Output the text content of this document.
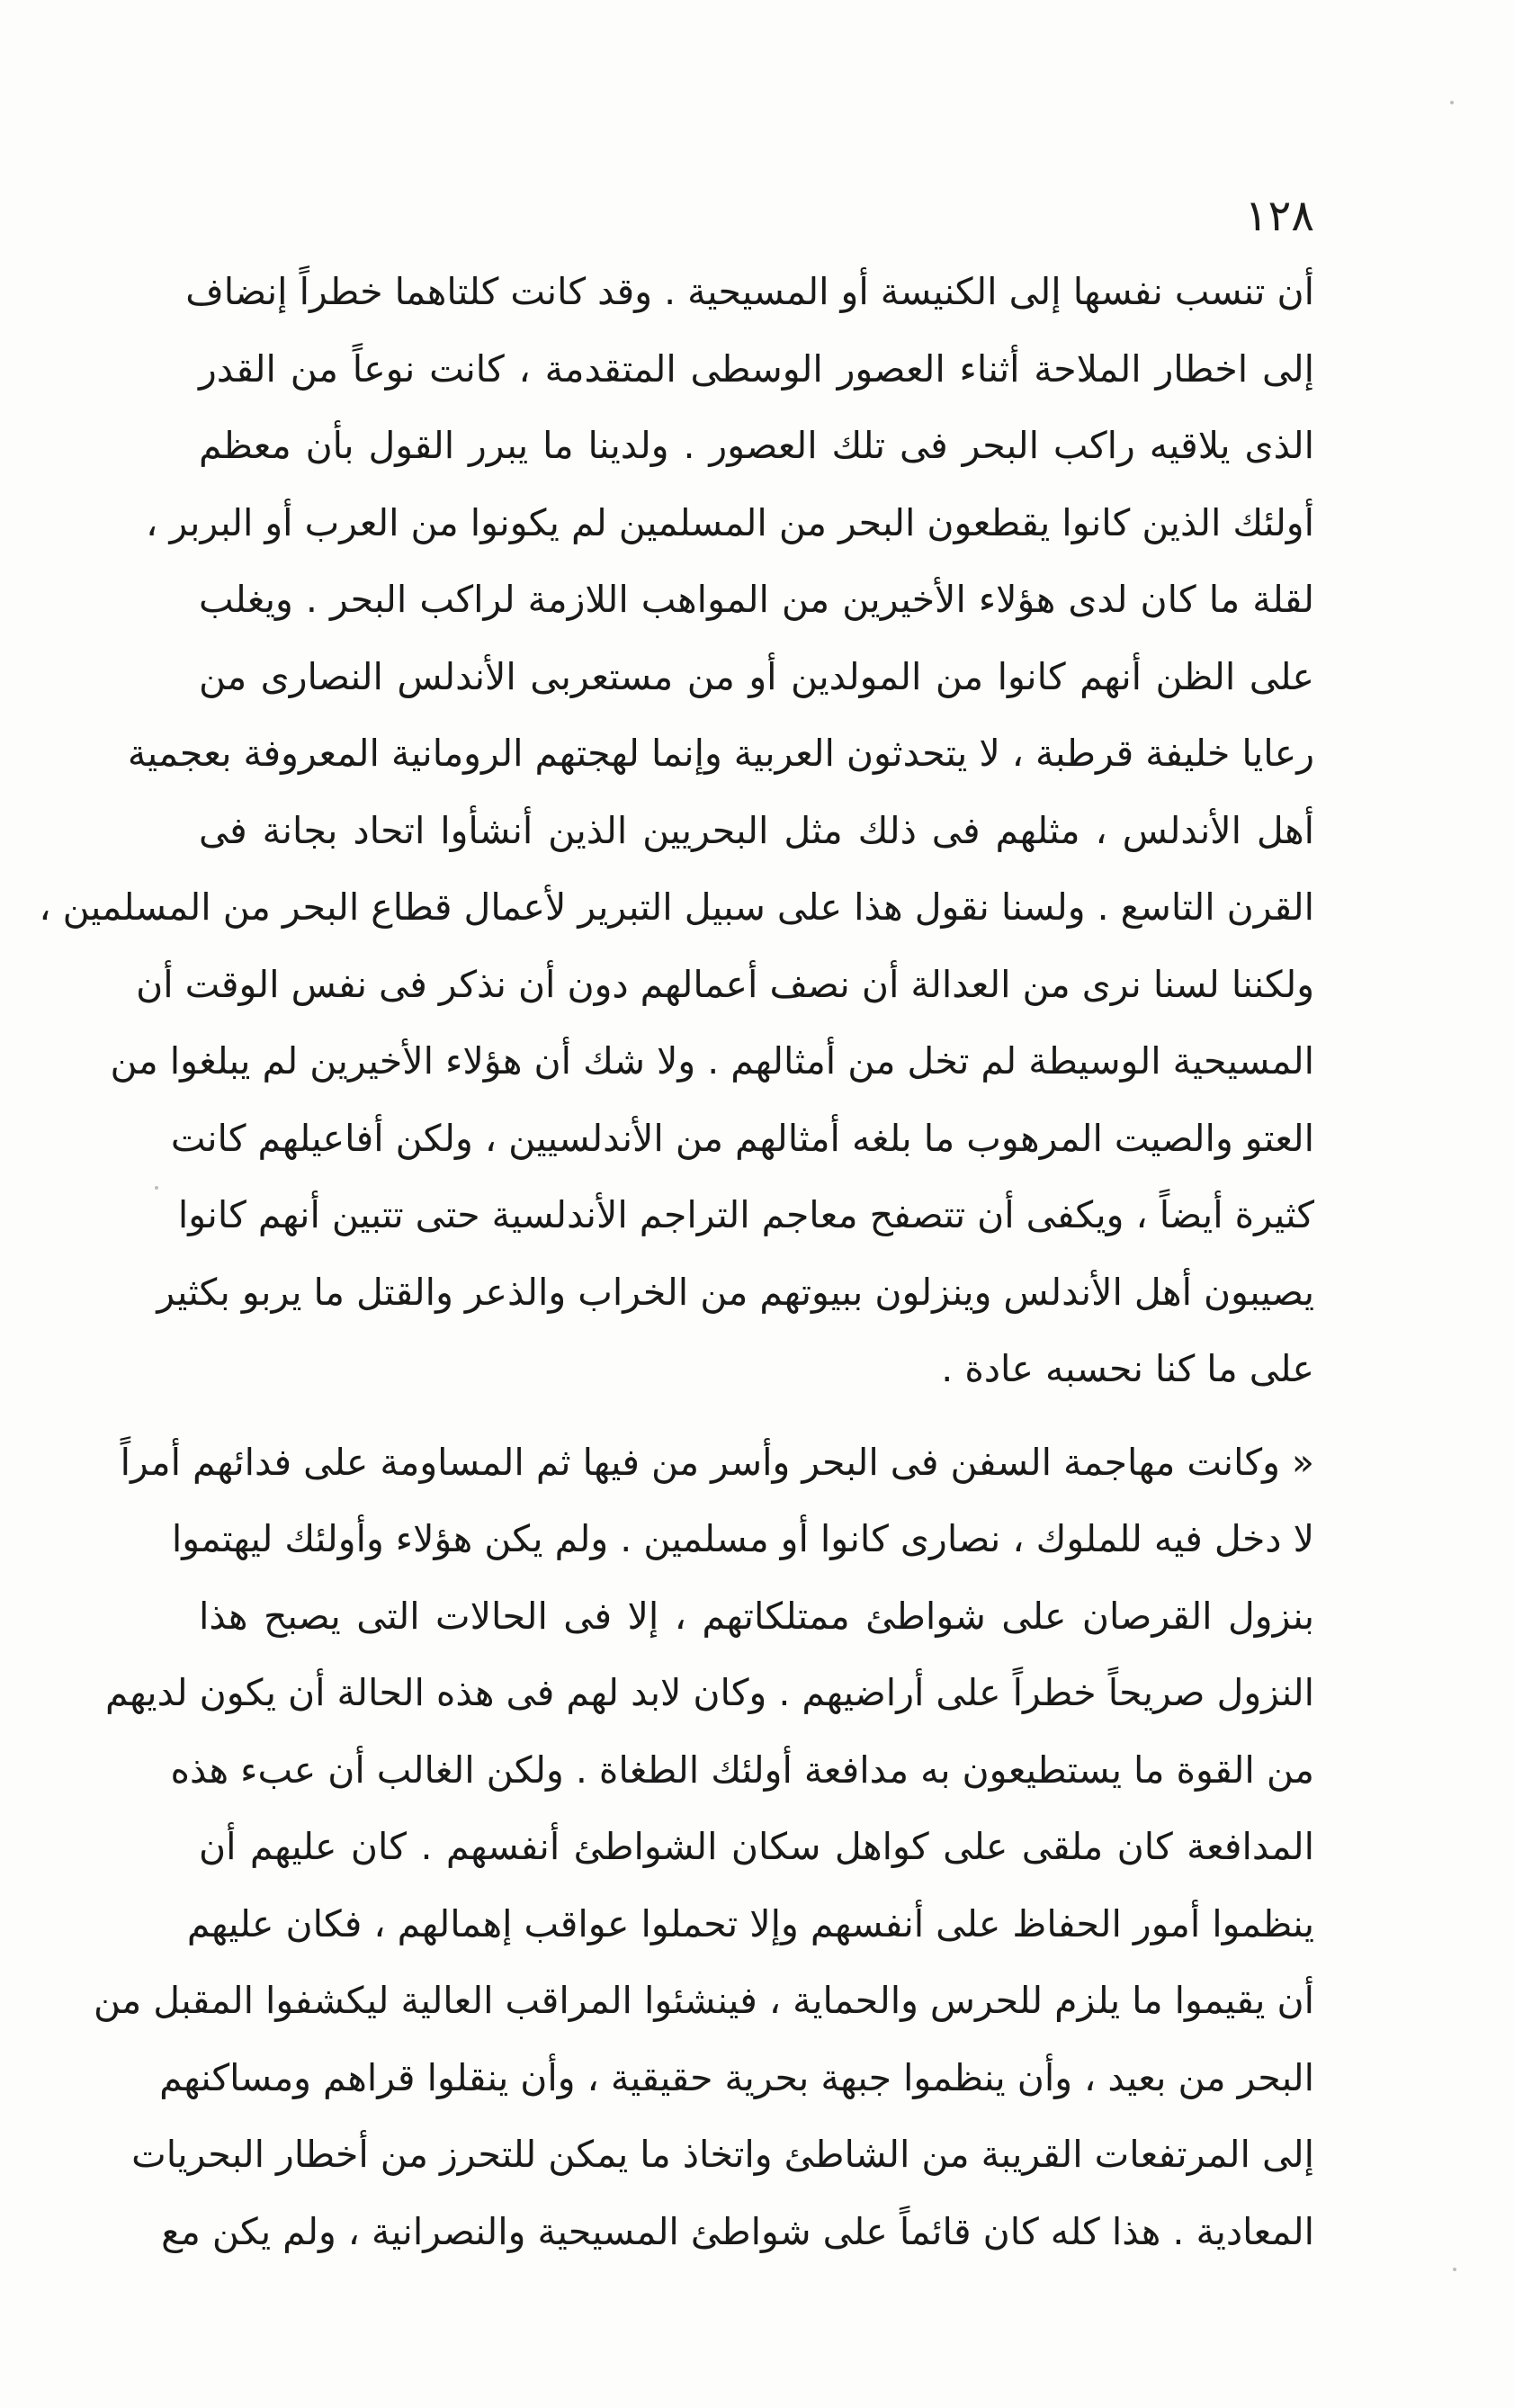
١٢٨
أن تنسب نفسها إلى الكنيسة أو المسيحية . وقد كانت كلتاهما خطراً إنضاف
إلى اخطار الملاحة أثناء العصور الوسطى المتقدمة ، كانت نوعاً من القدر
الذى يلاقيه راكب البحر فى تلك العصور . ولدينا ما يبرر القول بأن معظم
أولئك الذين كانوا يقطعون البحر من المسلمين لم يكونوا من العرب أو البربر ،
لقلة ما كان لدى هؤلاء الأخيرين من المواهب اللازمة لراكب البحر . ويغلب
على الظن أنهم كانوا من المولدين أو من مستعربى الأندلس النصارى من
رعايا خليفة قرطبة ، لا يتحدثون العربية وإنما لهجتهم الرومانية المعروفة بعجمية
أهل الأندلس ، مثلهم فى ذلك مثل البحريين الذين أنشأوا اتحاد بجانة فى
القرن التاسع . ولسنا نقول هذا على سبيل التبرير لأعمال قطاع البحر من المسلمين ،
ولكننا لسنا نرى من العدالة أن نصف أعمالهم دون أن نذكر فى نفس الوقت أن
المسيحية الوسيطة لم تخل من أمثالهم . ولا شك أن هؤلاء الأخيرين لم يبلغوا من
العتو والصيت المرهوب ما بلغه أمثالهم من الأندلسيين ، ولكن أفاعيلهم كانت
كثيرة أيضاً ، ويكفى أن تتصفح معاجم التراجم الأندلسية حتى تتبين أنهم كانوا
يصيبون أهل الأندلس وينزلون ببيوتهم من الخراب والذعر والقتل ما يربو بكثير
على ما كنا نحسبه عادة .
« وكانت مهاجمة السفن فى البحر وأسر من فيها ثم المساومة على فدائهم أمراً
لا دخل فيه للملوك ، نصارى كانوا أو مسلمين . ولم يكن هؤلاء وأولئك ليهتموا
بنزول القرصان على شواطئ ممتلكاتهم ، إلا فى الحالات التى يصبح هذا
النزول صريحاً خطراً على أراضيهم . وكان لابد لهم فى هذه الحالة أن يكون لديهم
من القوة ما يستطيعون به مدافعة أولئك الطغاة . ولكن الغالب أن عبء هذه
المدافعة كان ملقى على كواهل سكان الشواطئ أنفسهم . كان عليهم أن
ينظموا أمور الحفاظ على أنفسهم وإلا تحملوا عواقب إهمالهم ، فكان عليهم
أن يقيموا ما يلزم للحرس والحماية ، فينشئوا المراقب العالية ليكشفوا المقبل من
البحر من بعيد ، وأن ينظموا جبهة بحرية حقيقية ، وأن ينقلوا قراهم ومساكنهم
إلى المرتفعات القريبة من الشاطئ واتخاذ ما يمكن للتحرز من أخطار البحريات
المعادية . هذا كله كان قائماً على شواطئ المسيحية والنصرانية ، ولم يكن مع
